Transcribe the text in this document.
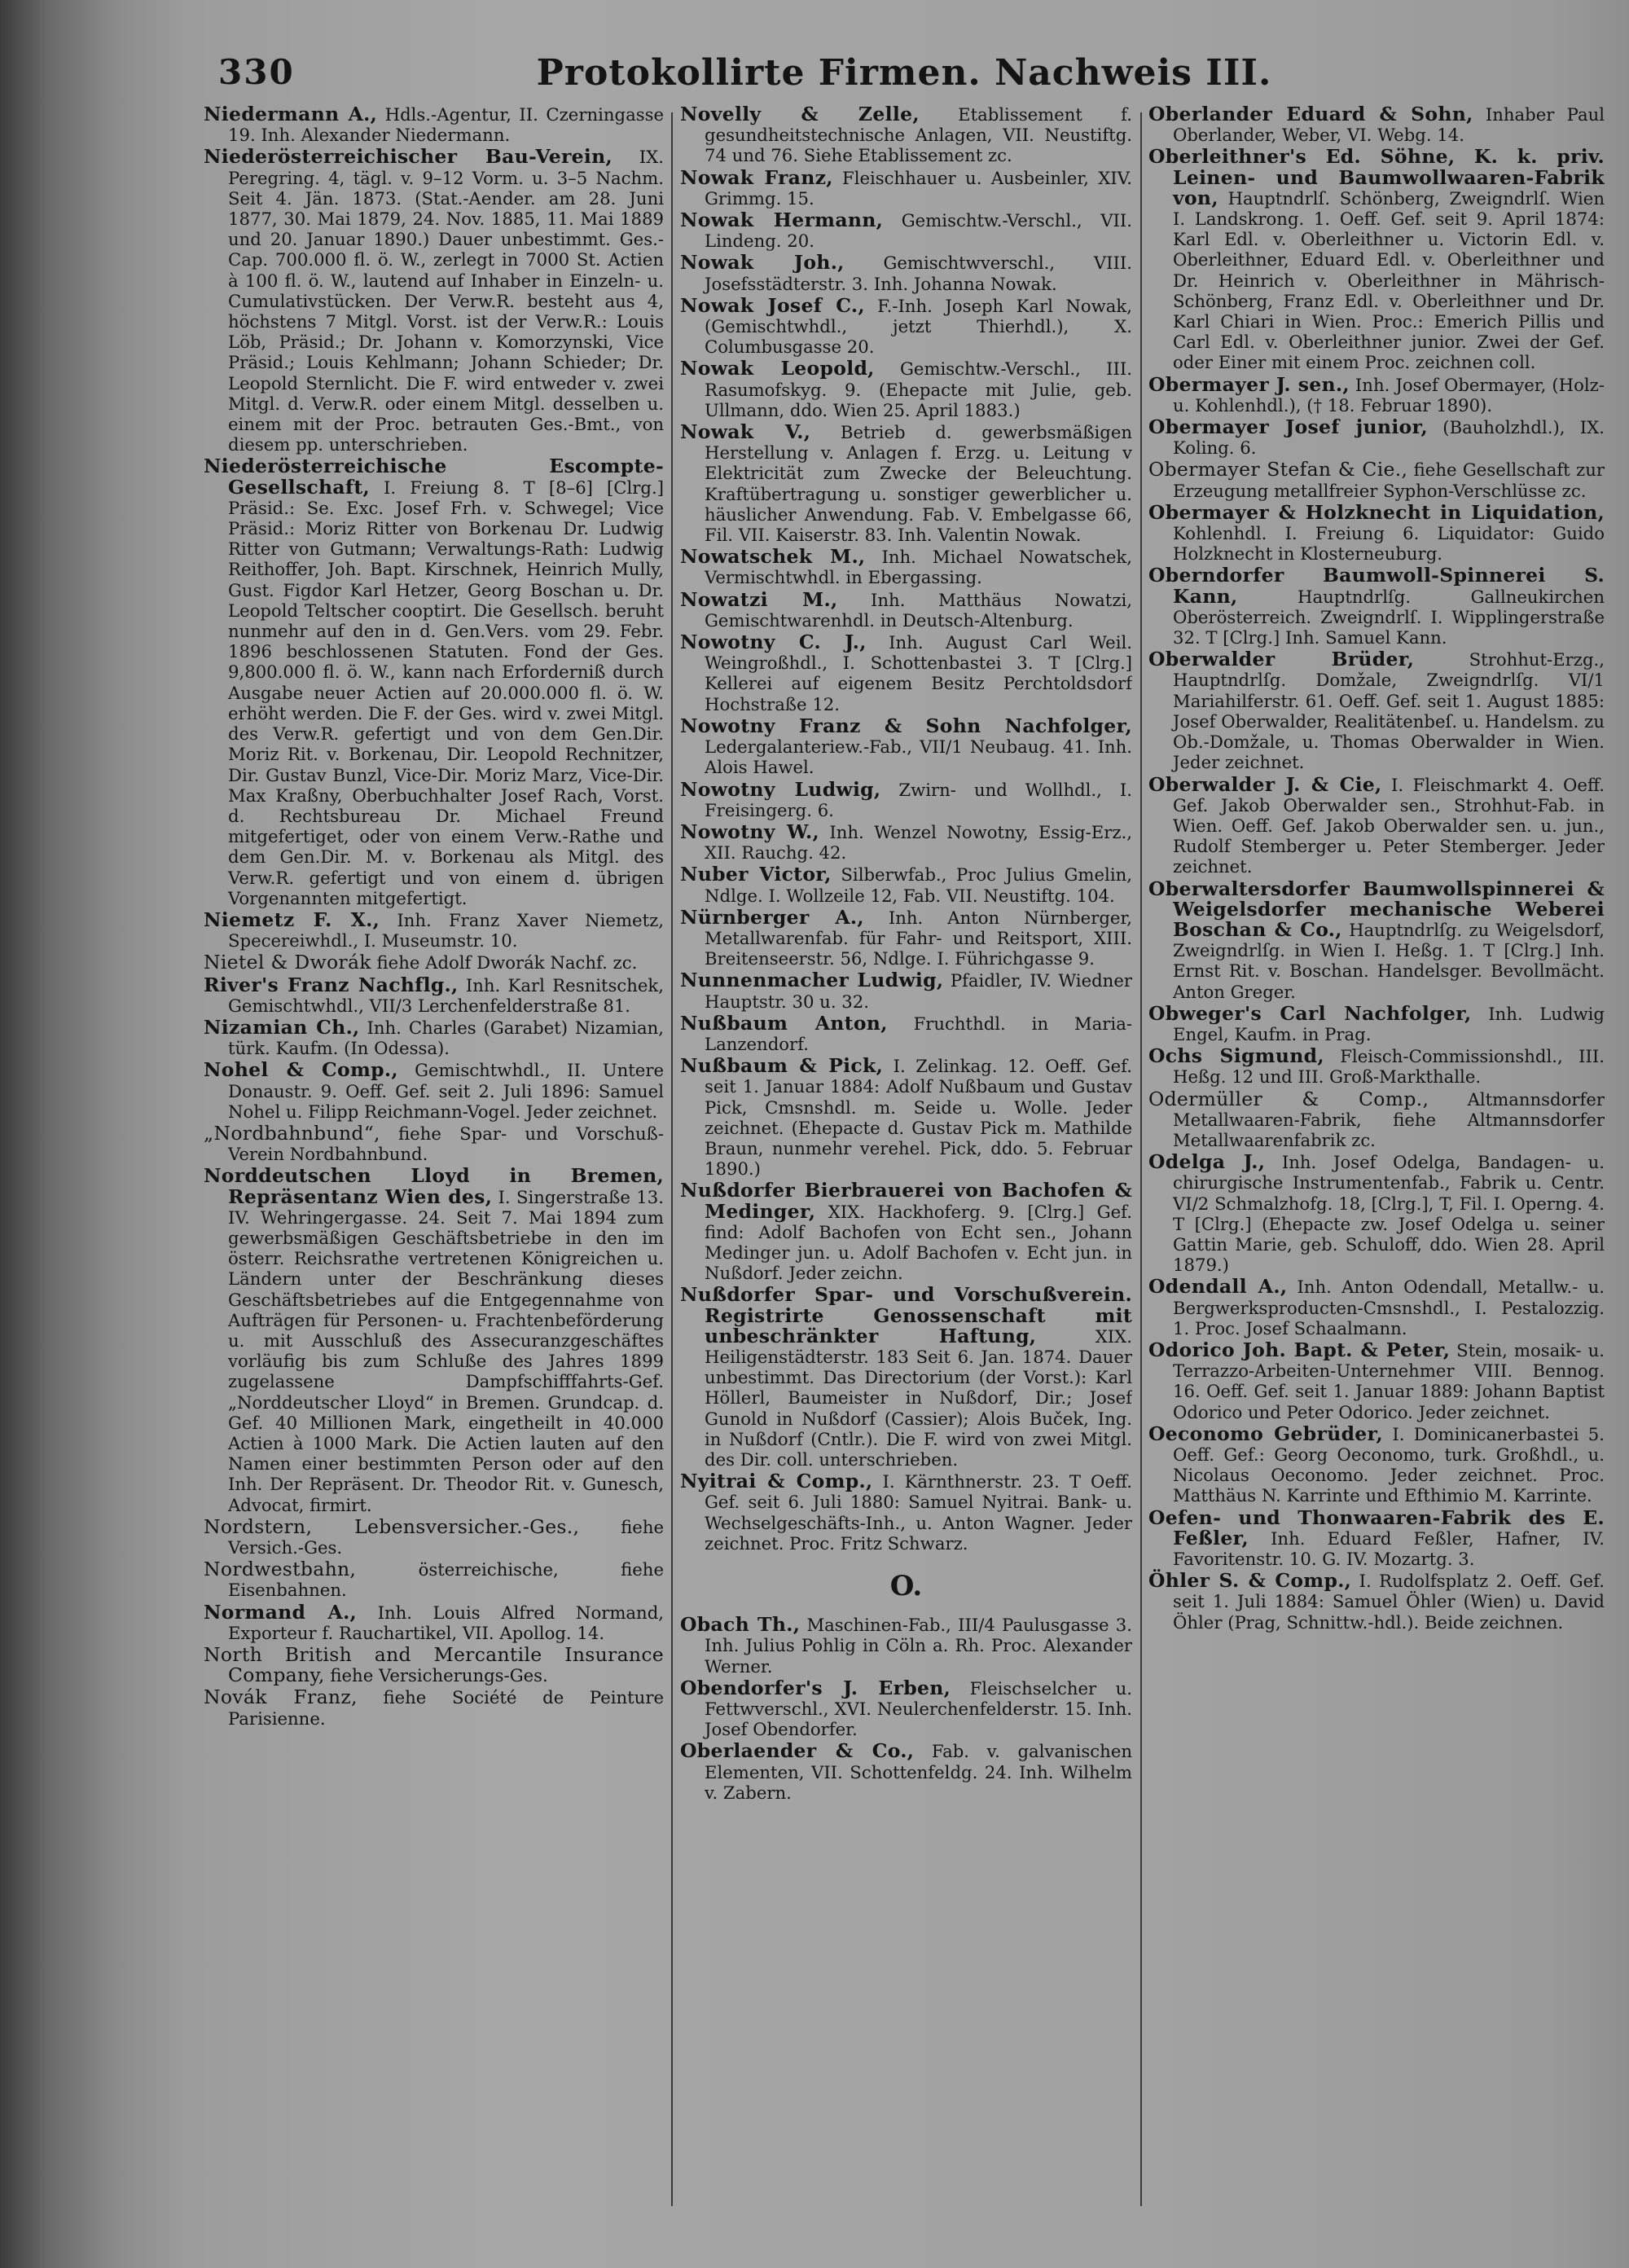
330	Protokollirte Firmen. Nachweis III.

Niedermann A., Hdls.-Agentur, II. Czerningasse 19. Inh. Alexander Niedermann.

Niederösterreichischer Bau-Verein, IX. Peregring. 4, tägl. v. 9–12 Vorm. u. 3–5 Nachm. Seit 4. Jän. 1873. (Stat.-Aender. am 28. Juni 1877, 30. Mai 1879, 24. Nov. 1885, 11. Mai 1889 und 20. Januar 1890.) Dauer unbestimmt. Ges.-Cap. 700.000 fl. ö. W., zerlegt in 7000 St. Actien à 100 fl. ö. W., lautend auf Inhaber in Einzeln- u. Cumulativstücken. Der Verw.R. besteht aus 4, höchstens 7 Mitgl. Vorst. ist der Verw.R.: Louis Löb, Präsid.; Dr. Johann v. Komorzynski, Vice Präsid.; Louis Kehlmann; Johann Schieder; Dr. Leopold Sternlicht. Die F. wird entweder v. zwei Mitgl. d. Verw.R. oder einem Mitgl. desselben u. einem mit der Proc. betrauten Ges.-Bmt., von diesem pp. unterschrieben.

Niederösterreichische Escompte-Gesellschaft, I. Freiung 8. T [8–6] [Clrg.] Präsid.: Se. Exc. Josef Frh. v. Schwegel; Vice Präsid.: Moriz Ritter von Borkenau Dr. Ludwig Ritter von Gutmann; Verwaltungs-Rath: Ludwig Reithoffer, Joh. Bapt. Kirschnek, Heinrich Mully, Gust. Figdor Karl Hetzer, Georg Boschan u. Dr. Leopold Teltscher cooptirt. Die Gesellsch. beruht nunmehr auf den in d. Gen.Vers. vom 29. Febr. 1896 beschlossenen Statuten. Fond der Ges. 9,800.000 fl. ö. W., kann nach Erforderniß durch Ausgabe neuer Actien auf 20.000.000 fl. ö. W. erhöht werden. Die F. der Ges. wird v. zwei Mitgl. des Verw.R. gefertigt und von dem Gen.Dir. Moriz Rit. v. Borkenau, Dir. Leopold Rechnitzer, Dir. Gustav Bunzl, Vice-Dir. Moriz Marz, Vice-Dir. Max Kraßny, Oberbuchhalter Josef Rach, Vorst. d. Rechtsbureau Dr. Michael Freund mitgefertiget, oder von einem Verw.-Rathe und dem Gen.Dir. M. v. Borkenau als Mitgl. des Verw.R. gefertigt und von einem d. übrigen Vorgenannten mitgefertigt.

Niemetz F. X., Inh. Franz Xaver Niemetz, Specereiwhdl., I. Museumstr. 10.

Nietel & Dworák fiehe Adolf Dworák Nachf. zc.

River's Franz Nachflg., Inh. Karl Resnitschek, Gemischtwhdl., VII/3 Lerchenfelderstraße 81.

Nizamian Ch., Inh. Charles (Garabet) Nizamian, türk. Kaufm. (In Odessa).

Nohel & Comp., Gemischtwhdl., II. Untere Donaustr. 9. Oeff. Gef. seit 2. Juli 1896: Samuel Nohel u. Filipp Reichmann-Vogel. Jeder zeichnet.

„Nordbahnbund“, fiehe Spar- und Vorschuß-Verein Nordbahnbund.

Norddeutschen Lloyd in Bremen, Repräsentanz Wien des, I. Singerstraße 13. IV. Wehringergasse. 24. Seit 7. Mai 1894 zum gewerbsmäßigen Geschäftsbetriebe in den im österr. Reichsrathe vertretenen Königreichen u. Ländern unter der Beschränkung dieses Geschäftsbetriebes auf die Entgegennahme von Aufträgen für Personen- u. Frachtenbeförderung u. mit Ausschluß des Assecuranzgeschäftes vorläufig bis zum Schluße des Jahres 1899 zugelassene Dampfschifffahrts-Gef. „Norddeutscher Lloyd“ in Bremen. Grundcap. d. Gef. 40 Millionen Mark, eingetheilt in 40.000 Actien à 1000 Mark. Die Actien lauten auf den Namen einer bestimmten Person oder auf den Inh. Der Repräsent. Dr. Theodor Rit. v. Gunesch, Advocat, firmirt.

Nordstern, Lebensversicher.-Ges., fiehe Versich.-Ges.

Nordwestbahn, österreichische, fiehe Eisenbahnen.

Normand A., Inh. Louis Alfred Normand, Exporteur f. Rauchartikel, VII. Apollog. 14.

North British and Mercantile Insurance Company, fiehe Versicherungs-Ges.

Novák Franz, fiehe Société de Peinture Parisienne.

Novelly & Zelle, Etablissement f. gesundheitstechnische Anlagen, VII. Neustiftg. 74 und 76. Siehe Etablissement zc.

Nowak Franz, Fleischhauer u. Ausbeinler, XIV. Grimmg. 15.

Nowak Hermann, Gemischtw.-Verschl., VII. Lindeng. 20.

Nowak Joh., Gemischtwverschl., VIII. Josefsstädterstr. 3. Inh. Johanna Nowak.

Nowak Josef C., F.-Inh. Joseph Karl Nowak, (Gemischtwhdl., jetzt Thierhdl.), X. Columbusgasse 20.

Nowak Leopold, Gemischtw.-Verschl., III. Rasumofskyg. 9. (Ehepacte mit Julie, geb. Ullmann, ddo. Wien 25. April 1883.)

Nowak V., Betrieb d. gewerbsmäßigen Herstellung v. Anlagen f. Erzg. u. Leitung v Elektricität zum Zwecke der Beleuchtung. Kraftübertragung u. sonstiger gewerblicher u. häuslicher Anwendung. Fab. V. Embelgasse 66, Fil. VII. Kaiserstr. 83. Inh. Valentin Nowak.

Nowatschek M., Inh. Michael Nowatschek, Vermischtwhdl. in Ebergassing.

Nowatzi M., Inh. Matthäus Nowatzi, Gemischtwarenhdl. in Deutsch-Altenburg.

Nowotny C. J., Inh. August Carl Weil. Weingroßhdl., I. Schottenbastei 3. T [Clrg.] Kellerei auf eigenem Besitz Perchtoldsdorf Hochstraße 12.

Nowotny Franz & Sohn Nachfolger, Ledergalanteriew.-Fab., VII/1 Neubaug. 41. Inh. Alois Hawel.

Nowotny Ludwig, Zwirn- und Wollhdl., I. Freisingerg. 6.

Nowotny W., Inh. Wenzel Nowotny, Essig-Erz., XII. Rauchg. 42.

Nuber Victor, Silberwfab., Proc Julius Gmelin, Ndlge. I. Wollzeile 12, Fab. VII. Neustiftg. 104.

Nürnberger A., Inh. Anton Nürnberger, Metallwarenfab. für Fahr- und Reitsport, XIII. Breitenseerstr. 56, Ndlge. I. Führichgasse 9.

Nunnenmacher Ludwig, Pfaidler, IV. Wiedner Hauptstr. 30 u. 32.

Nußbaum Anton, Fruchthdl. in Maria-Lanzendorf.

Nußbaum & Pick, I. Zelinkag. 12. Oeff. Gef. seit 1. Januar 1884: Adolf Nußbaum und Gustav Pick, Cmsnshdl. m. Seide u. Wolle. Jeder zeichnet. (Ehepacte d. Gustav Pick m. Mathilde Braun, nunmehr verehel. Pick, ddo. 5. Februar 1890.)

Nußdorfer Bierbrauerei von Bachofen & Medinger, XIX. Hackhoferg. 9. [Clrg.] Gef. find: Adolf Bachofen von Echt sen., Johann Medinger jun. u. Adolf Bachofen v. Echt jun. in Nußdorf. Jeder zeichn.

Nußdorfer Spar- und Vorschußverein. Registrirte Genossenschaft mit unbeschränkter Haftung, XIX. Heiligenstädterstr. 183 Seit 6. Jan. 1874. Dauer unbestimmt. Das Directorium (der Vorst.): Karl Höllerl, Baumeister in Nußdorf, Dir.; Josef Gunold in Nußdorf (Cassier); Alois Buček, Ing. in Nußdorf (Cntlr.). Die F. wird von zwei Mitgl. des Dir. coll. unterschrieben.

Nyitrai & Comp., I. Kärnthnerstr. 23. T Oeff. Gef. seit 6. Juli 1880: Samuel Nyitrai. Bank- u. Wechselgeschäfts-Inh., u. Anton Wagner. Jeder zeichnet. Proc. Fritz Schwarz.

O.

Obach Th., Maschinen-Fab., III/4 Paulusgasse 3. Inh. Julius Pohlig in Cöln a. Rh. Proc. Alexander Werner.

Obendorfer's J. Erben, Fleischselcher u. Fettwverschl., XVI. Neulerchenfelderstr. 15. Inh. Josef Obendorfer.

Oberlaender & Co., Fab. v. galvanischen Elementen, VII. Schottenfeldg. 24. Inh. Wilhelm v. Zabern.

Oberlander Eduard & Sohn, Inhaber Paul Oberlander, Weber, VI. Webg. 14.

Oberleithner's Ed. Söhne, K. k. priv. Leinen- und Baumwollwaaren-Fabrik von, Hauptndrlſ. Schönberg, Zweigndrlſ. Wien I. Landskrong. 1. Oeff. Gef. seit 9. April 1874: Karl Edl. v. Oberleithner u. Victorin Edl. v. Oberleithner, Eduard Edl. v. Oberleithner und Dr. Heinrich v. Oberleithner in Mährisch-Schönberg, Franz Edl. v. Oberleithner und Dr. Karl Chiari in Wien. Proc.: Emerich Pillis und Carl Edl. v. Oberleithner junior. Zwei der Gef. oder Einer mit einem Proc. zeichnen coll.

Obermayer J. sen., Inh. Josef Obermayer, (Holz- u. Kohlenhdl.), († 18. Februar 1890).

Obermayer Josef junior, (Bauholzhdl.), IX. Koling. 6.

Obermayer Stefan & Cie., fiehe Gesellschaft zur Erzeugung metallfreier Syphon-Verschlüsse zc.

Obermayer & Holzknecht in Liquidation, Kohlenhdl. I. Freiung 6. Liquidator: Guido Holzknecht in Klosterneuburg.

Oberndorfer Baumwoll-Spinnerei S. Kann, Hauptndrlſg. Gallneukirchen Oberösterreich. Zweigndrlſ. I. Wipplingerstraße 32. T [Clrg.] Inh. Samuel Kann.

Oberwalder Brüder, Strohhut-Erzg., Hauptndrlſg. Domžale, Zweigndrlſg. VI/1 Mariahilferstr. 61. Oeff. Gef. seit 1. August 1885: Josef Oberwalder, Realitätenbeſ. u. Handelsm. zu Ob.-Domžale, u. Thomas Oberwalder in Wien. Jeder zeichnet.

Oberwalder J. & Cie, I. Fleischmarkt 4. Oeff. Gef. Jakob Oberwalder sen., Strohhut-Fab. in Wien. Oeff. Gef. Jakob Oberwalder sen. u. jun., Rudolf Stemberger u. Peter Stemberger. Jeder zeichnet.

Oberwaltersdorfer Baumwollspinnerei & Weigelsdorfer mechanische Weberei Boschan & Co., Hauptndrlſg. zu Weigelsdorf, Zweigndrlſg. in Wien I. Heßg. 1. T [Clrg.] Inh. Ernst Rit. v. Boschan. Handelsger. Bevollmächt. Anton Greger.

Obweger's Carl Nachfolger, Inh. Ludwig Engel, Kaufm. in Prag.

Ochs Sigmund, Fleisch-Commissionshdl., III. Heßg. 12 und III. Groß-Markthalle.

Odermüller & Comp., Altmannsdorfer Metallwaaren-Fabrik, fiehe Altmannsdorfer Metallwaarenfabrik zc.

Odelga J., Inh. Josef Odelga, Bandagen- u. chirurgische Instrumentenfab., Fabrik u. Centr. VI/2 Schmalzhofg. 18, [Clrg.], T, Fil. I. Operng. 4. T [Clrg.] (Ehepacte zw. Josef Odelga u. seiner Gattin Marie, geb. Schuloff, ddo. Wien 28. April 1879.)

Odendall A., Inh. Anton Odendall, Metallw.- u. Bergwerksproducten-Cmsnshdl., I. Pestalozzig. 1. Proc. Josef Schaalmann.

Odorico Joh. Bapt. & Peter, Stein, mosaik- u. Terrazzo-Arbeiten-Unternehmer VIII. Bennog. 16. Oeff. Gef. seit 1. Januar 1889: Johann Baptist Odorico und Peter Odorico. Jeder zeichnet.

Oeconomo Gebrüder, I. Dominicanerbastei 5. Oeff. Gef.: Georg Oeconomo, turk. Großhdl., u. Nicolaus Oeconomo. Jeder zeichnet. Proc. Matthäus N. Karrinte und Efthimio M. Karrinte.

Oefen- und Thonwaaren-Fabrik des E. Feßler, Inh. Eduard Feßler, Hafner, IV. Favoritenstr. 10. G. IV. Mozartg. 3.

Öhler S. & Comp., I. Rudolfsplatz 2. Oeff. Gef. seit 1. Juli 1884: Samuel Öhler (Wien) u. David Öhler (Prag, Schnittw.-hdl.). Beide zeichnen.
